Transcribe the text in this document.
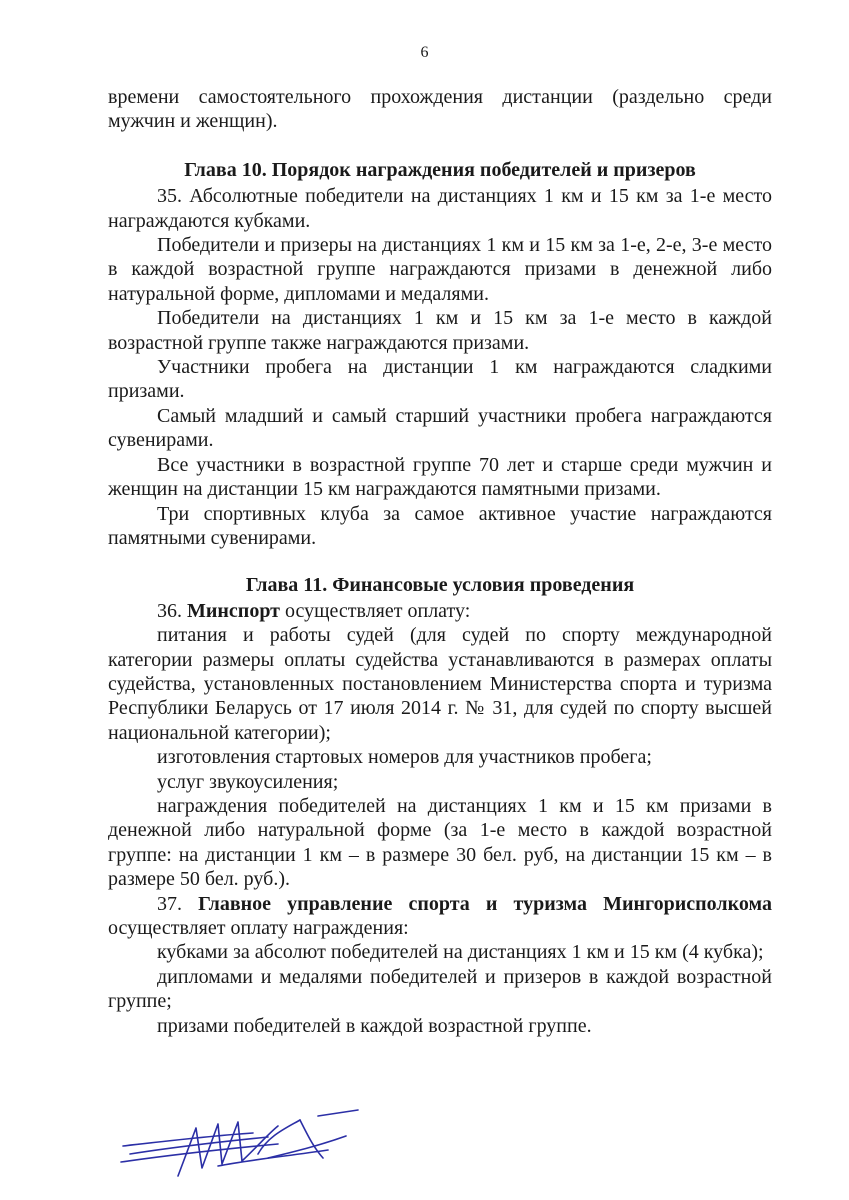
6

времени самостоятельного прохождения дистанции (раздельно среди мужчин и женщин).

Глава 10. Порядок награждения победителей и призеров

35. Абсолютные победители на дистанциях 1 км и 15 км за 1-е место награждаются кубками.

Победители и призеры на дистанциях 1 км и 15 км за 1-е, 2-е, 3-е место в каждой возрастной группе награждаются призами в денежной либо натуральной форме, дипломами и медалями.

Победители на дистанциях 1 км и 15 км за 1-е место в каждой возрастной группе также награждаются призами.

Участники пробега на дистанции 1 км награждаются сладкими призами.

Самый младший и самый старший участники пробега награждаются сувенирами.

Все участники в возрастной группе 70 лет и старше среди мужчин и женщин на дистанции 15 км награждаются памятными призами.

Три спортивных клуба за самое активное участие награждаются памятными сувенирами.

Глава 11. Финансовые условия проведения

36. Минспорт осуществляет оплату:

питания и работы судей (для судей по спорту международной категории размеры оплаты судейства устанавливаются в размерах оплаты судейства, установленных постановлением Министерства спорта и туризма Республики Беларусь от 17 июля 2014 г. № 31, для судей по спорту высшей национальной категории);

изготовления стартовых номеров для участников пробега;

услуг звукоусиления;

награждения победителей на дистанциях 1 км и 15 км призами в денежной либо натуральной форме (за 1-е место в каждой возрастной группе: на дистанции 1 км – в размере 30 бел. руб, на дистанции 15 км – в размере 50 бел. руб.).

37. Главное управление спорта и туризма Мингорисполкома осуществляет оплату награждения:

кубками за абсолют победителей на дистанциях 1 км и 15 км (4 кубка);

дипломами и медалями победителей и призеров в каждой возрастной группе;

призами победителей в каждой возрастной группе.
